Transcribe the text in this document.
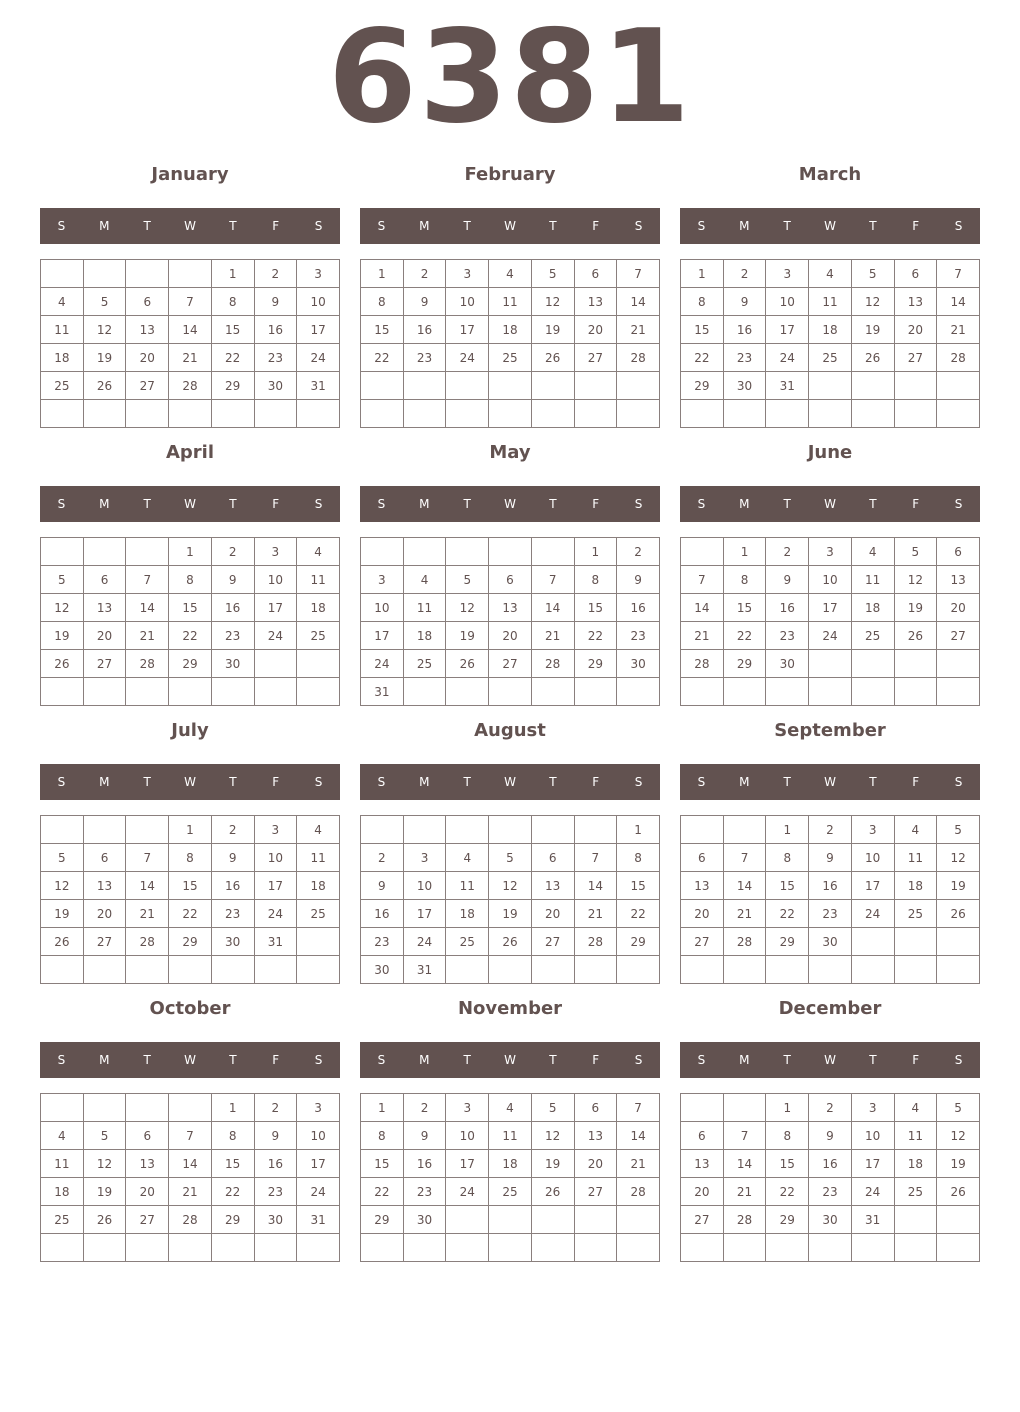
6381
January
S	M	T	W	T	F	S
				1	2	3
4	5	6	7	8	9	10
11	12	13	14	15	16	17
18	19	20	21	22	23	24
25	26	27	28	29	30	31

February
S	M	T	W	T	F	S
1	2	3	4	5	6	7
8	9	10	11	12	13	14
15	16	17	18	19	20	21
22	23	24	25	26	27	28

March
S	M	T	W	T	F	S
1	2	3	4	5	6	7
8	9	10	11	12	13	14
15	16	17	18	19	20	21
22	23	24	25	26	27	28
29	30	31				

April
S	M	T	W	T	F	S
			1	2	3	4
5	6	7	8	9	10	11
12	13	14	15	16	17	18
19	20	21	22	23	24	25
26	27	28	29	30		

May
S	M	T	W	T	F	S
					1	2
3	4	5	6	7	8	9
10	11	12	13	14	15	16
17	18	19	20	21	22	23
24	25	26	27	28	29	30
31						
June
S	M	T	W	T	F	S
	1	2	3	4	5	6
7	8	9	10	11	12	13
14	15	16	17	18	19	20
21	22	23	24	25	26	27
28	29	30				

July
S	M	T	W	T	F	S
			1	2	3	4
5	6	7	8	9	10	11
12	13	14	15	16	17	18
19	20	21	22	23	24	25
26	27	28	29	30	31	

August
S	M	T	W	T	F	S
						1
2	3	4	5	6	7	8
9	10	11	12	13	14	15
16	17	18	19	20	21	22
23	24	25	26	27	28	29
30	31					
September
S	M	T	W	T	F	S
		1	2	3	4	5
6	7	8	9	10	11	12
13	14	15	16	17	18	19
20	21	22	23	24	25	26
27	28	29	30			

October
S	M	T	W	T	F	S
				1	2	3
4	5	6	7	8	9	10
11	12	13	14	15	16	17
18	19	20	21	22	23	24
25	26	27	28	29	30	31

November
S	M	T	W	T	F	S
1	2	3	4	5	6	7
8	9	10	11	12	13	14
15	16	17	18	19	20	21
22	23	24	25	26	27	28
29	30					

December
S	M	T	W	T	F	S
		1	2	3	4	5
6	7	8	9	10	11	12
13	14	15	16	17	18	19
20	21	22	23	24	25	26
27	28	29	30	31		
